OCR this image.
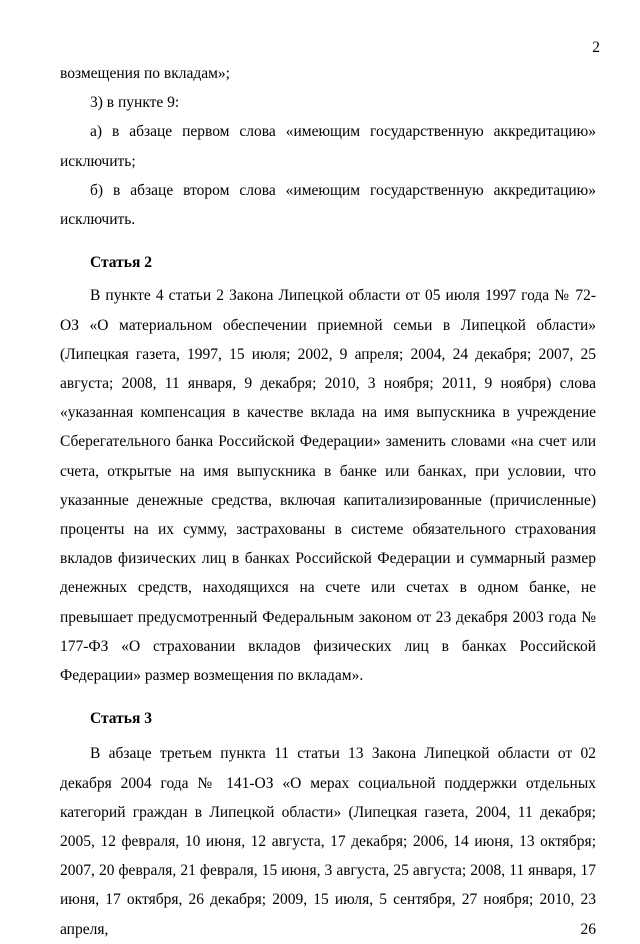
2

возмещения по вкладам»;

3) в пункте 9:

а) в абзаце первом слова «имеющим государственную аккредитацию» исключить;

б) в абзаце втором слова «имеющим государственную аккредитацию» исключить.

Статья 2

В пункте 4 статьи 2 Закона Липецкой области от 05 июля 1997 года № 72-ОЗ «О материальном обеспечении приемной семьи в Липецкой области» (Липецкая газета, 1997, 15 июля; 2002, 9 апреля; 2004, 24 декабря; 2007, 25 августа; 2008, 11 января, 9 декабря; 2010, 3 ноября; 2011, 9 ноября) слова «указанная компенсация в качестве вклада на имя выпускника в учреждение Сберегательного банка Российской Федерации» заменить словами «на счет или счета, открытые на имя выпускника в банке или банках, при условии, что указанные денежные средства, включая капитализированные (причисленные) проценты на их сумму, застрахованы в системе обязательного страхования вкладов физических лиц в банках Российской Федерации и суммарный размер денежных средств, находящихся на счете или счетах в одном банке, не превышает предусмотренный Федеральным законом от 23 декабря 2003 года № 177-ФЗ «О страховании вкладов физических лиц в банках Российской Федерации» размер возмещения по вкладам».

Статья 3

В абзаце третьем пункта 11 статьи 13 Закона Липецкой области от 02 декабря 2004 года № 141-ОЗ «О мерах социальной поддержки отдельных категорий граждан в Липецкой области» (Липецкая газета, 2004, 11 декабря; 2005, 12 февраля, 10 июня, 12 августа, 17 декабря; 2006, 14 июня, 13 октября; 2007, 20 февраля, 21 февраля, 15 июня, 3 августа, 25 августа; 2008, 11 января, 17 июня, 17 октября, 26 декабря; 2009, 15 июля, 5 сентября, 27 ноября; 2010, 23 апреля, 26
